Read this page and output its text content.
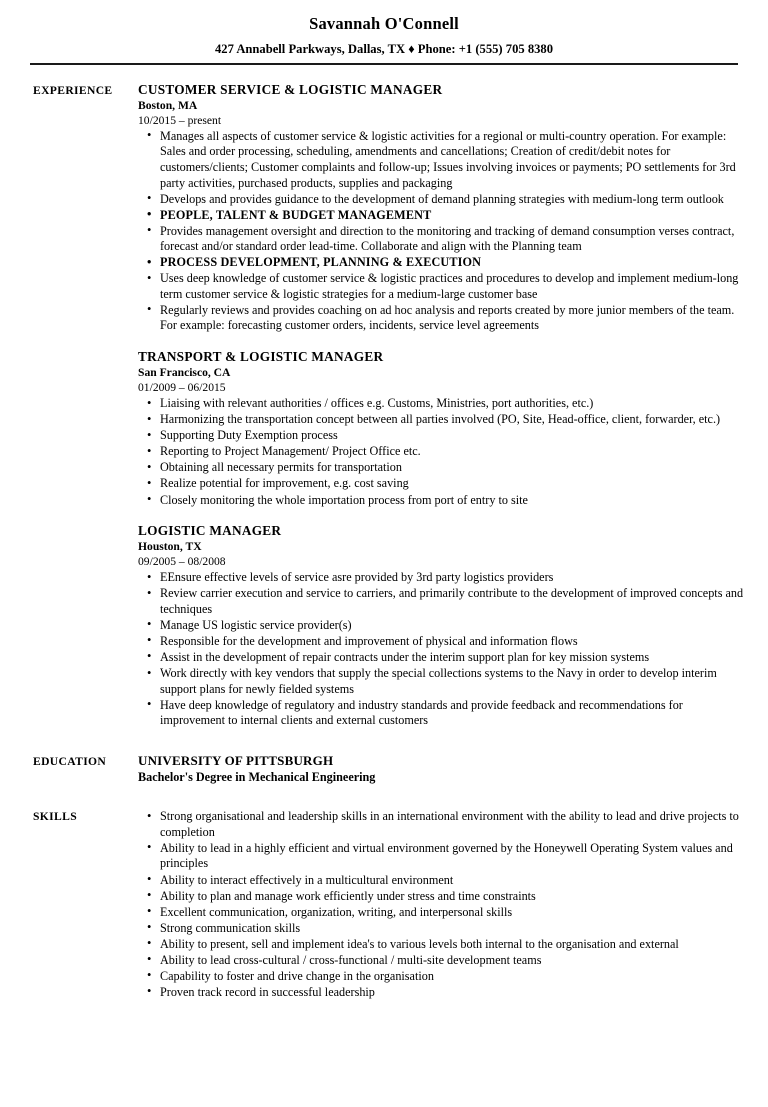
Savannah O'Connell
427 Annabell Parkways, Dallas, TX ♦ Phone: +1 (555) 705 8380
EXPERIENCE	CUSTOMER SERVICE & LOGISTIC MANAGER
Boston, MA
10/2015 – present
• Manages all aspects of customer service & logistic activities for a regional or multi-country operation. For example: Sales and order processing, scheduling, amendments and cancellations; Creation of credit/debit notes for customers/clients; Customer complaints and follow-up; Issues involving invoices or payments; PO settlements for 3rd party activities, purchased products, supplies and packaging
• Develops and provides guidance to the development of demand planning strategies with medium-long term outlook
• PEOPLE, TALENT & BUDGET MANAGEMENT
• Provides management oversight and direction to the monitoring and tracking of demand consumption verses contract, forecast and/or standard order lead-time. Collaborate and align with the Planning team
• PROCESS DEVELOPMENT, PLANNING & EXECUTION
• Uses deep knowledge of customer service & logistic practices and procedures to develop and implement medium-long term customer service & logistic strategies for a medium-large customer base
• Regularly reviews and provides coaching on ad hoc analysis and reports created by more junior members of the team. For example: forecasting customer orders, incidents, service level agreements
TRANSPORT & LOGISTIC MANAGER
San Francisco, CA
01/2009 – 06/2015
• Liaising with relevant authorities / offices e.g. Customs, Ministries, port authorities, etc.)
• Harmonizing the transportation concept between all parties involved (PO, Site, Head-office, client, forwarder, etc.)
• Supporting Duty Exemption process
• Reporting to Project Management/ Project Office etc.
• Obtaining all necessary permits for transportation
• Realize potential for improvement, e.g. cost saving
• Closely monitoring the whole importation process from port of entry to site
LOGISTIC MANAGER
Houston, TX
09/2005 – 08/2008
• EEnsure effective levels of service asre provided by 3rd party logistics providers
• Review carrier execution and service to carriers, and primarily contribute to the development of improved concepts and techniques
• Manage US logistic service provider(s)
• Responsible for the development and improvement of physical and information flows
• Assist in the development of repair contracts under the interim support plan for key mission systems
• Work directly with key vendors that supply the special collections systems to the Navy in order to develop interim support plans for newly fielded systems
• Have deep knowledge of regulatory and industry standards and provide feedback and recommendations for improvement to internal clients and external customers
EDUCATION	UNIVERSITY OF PITTSBURGH
Bachelor's Degree in Mechanical Engineering
SKILLS	• Strong organisational and leadership skills in an international environment with the ability to lead and drive projects to completion
• Ability to lead in a highly efficient and virtual environment governed by the Honeywell Operating System values and principles
• Ability to interact effectively in a multicultural environment
• Ability to plan and manage work efficiently under stress and time constraints
• Excellent communication, organization, writing, and interpersonal skills
• Strong communication skills
• Ability to present, sell and implement idea's to various levels both internal to the organisation and external
• Ability to lead cross-cultural / cross-functional / multi-site development teams
• Capability to foster and drive change in the organisation
• Proven track record in successful leadership
